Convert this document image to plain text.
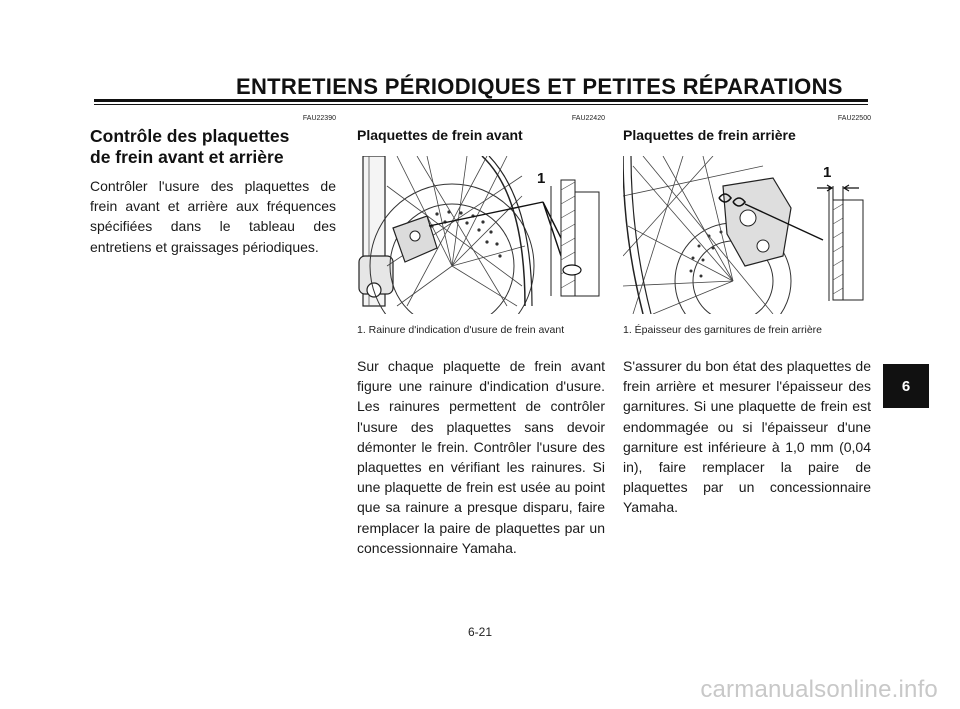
ENTRETIENS PÉRIODIQUES ET PETITES RÉPARATIONS
FAU22390
Contrôle des plaquettes
de frein avant et arrière

Contrôler l'usure des plaquettes de frein avant et arrière aux fréquences spécifiées dans le tableau des entretiens et graissages périodiques.

FAU22420
Plaquettes de frein avant
1
1. Rainure d'indication d'usure de frein avant

Sur chaque plaquette de frein avant figure une rainure d'indication d'usure. Les rainures permettent de contrôler l'usure des plaquettes sans devoir démonter le frein. Contrôler l'usure des plaquettes en vérifiant les rainures. Si une plaquette de frein est usée au point que sa rainure a presque disparu, faire remplacer la paire de plaquettes par un concessionnaire Yamaha.

FAU22500
Plaquettes de frein arrière
1
1. Épaisseur des garnitures de frein arrière

S'assurer du bon état des plaquettes de frein arrière et mesurer l'épaisseur des garnitures. Si une plaquette de frein est endommagée ou si l'épaisseur d'une garniture est inférieure à 1,0 mm (0,04 in), faire remplacer la paire de plaquettes par un concessionnaire Yamaha.

6
6-21
carmanualsonline.info
